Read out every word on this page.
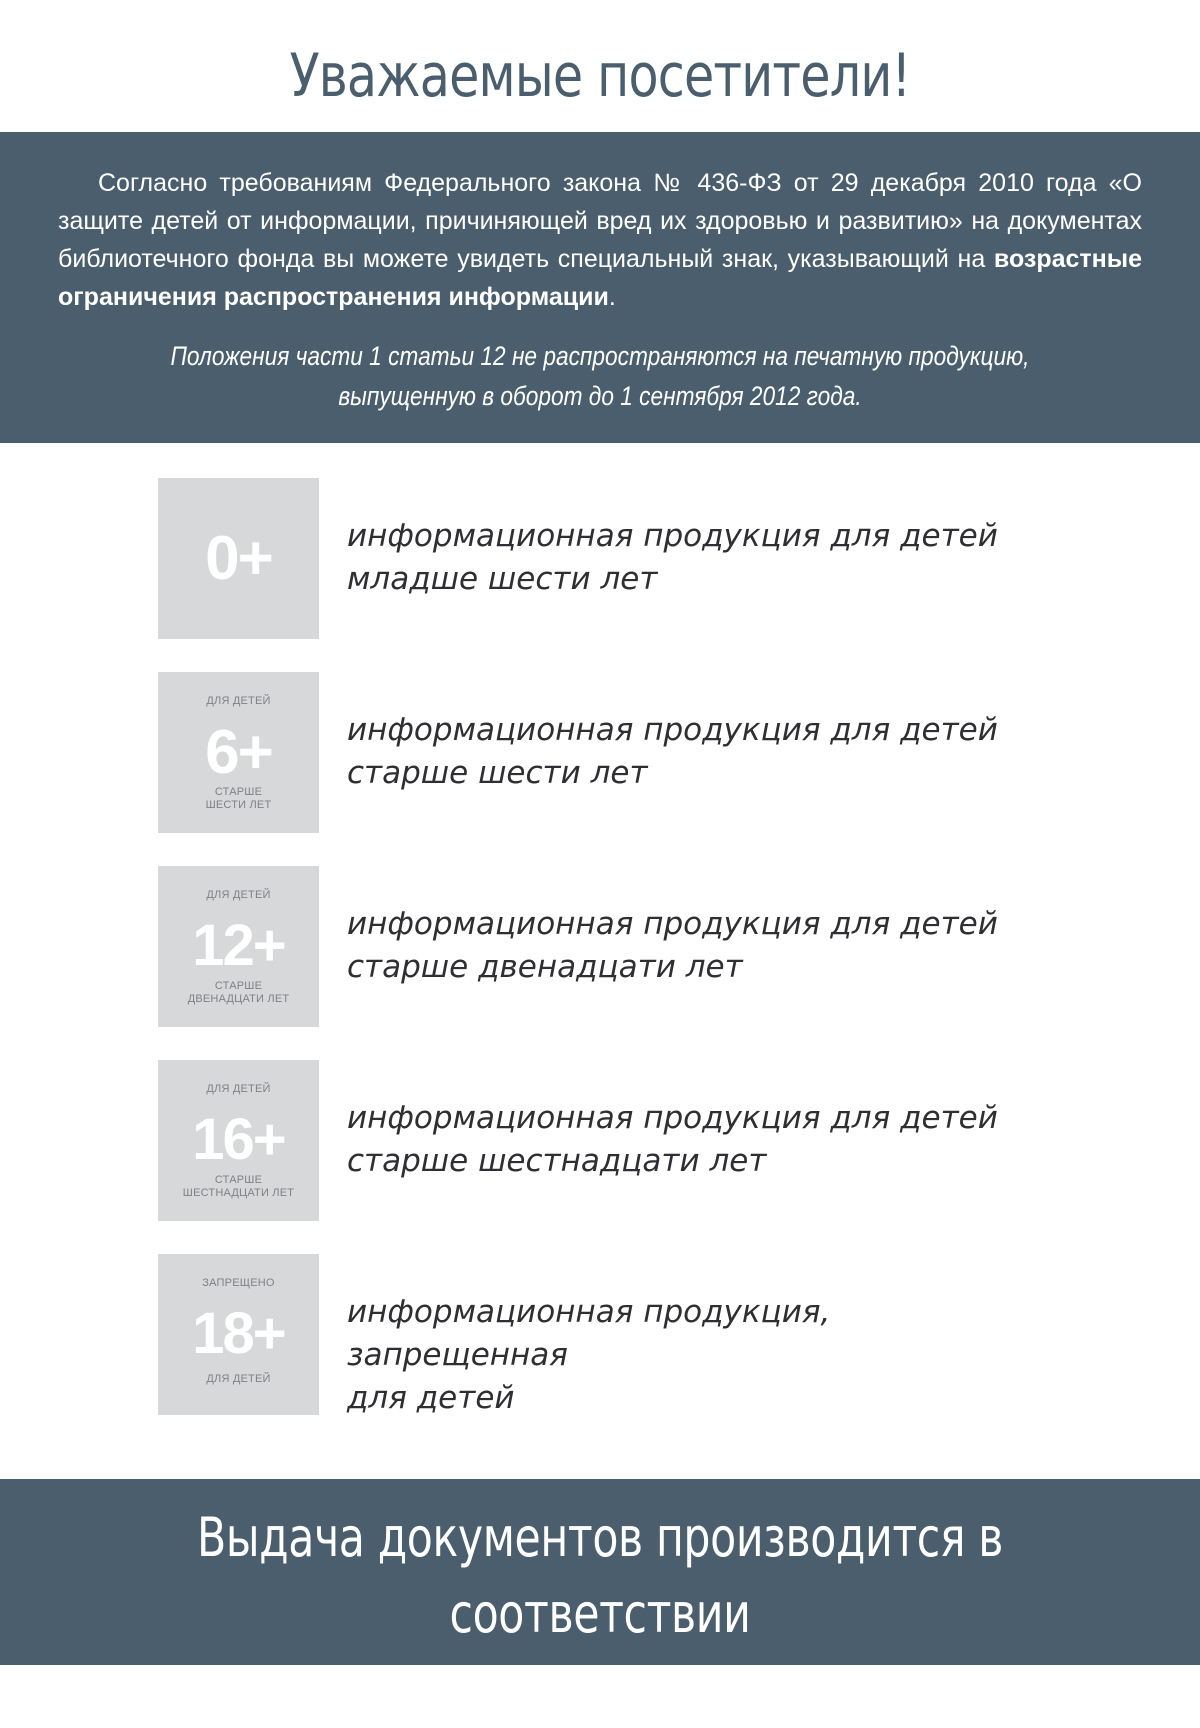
Уважаемые посетители!
Согласно требованиям Федерального закона № 436-ФЗ от 29 декабря 2010 года «О защите детей от информации, причиняющей вред их здоровью и развитию» на документах библиотечного фонда вы можете увидеть специальный знак, указывающий на возрастные ограничения распространения информации.
Положения части 1 статьи 12 не распространяются на печатную продукцию,
выпущенную в оборот до 1 сентября 2012 года.
0+	информационная продукция для детей
младше шести лет
ДЛЯ ДЕТЕЙ
6+
СТАРШЕ
ШЕСТИ ЛЕТ
информационная продукция для детей
старше шести лет
ДЛЯ ДЕТЕЙ
12+
СТАРШЕ
ДВЕНАДЦАТИ ЛЕТ
информационная продукция для детей
старше двенадцати лет
ДЛЯ ДЕТЕЙ
16+
СТАРШЕ
ШЕСТНАДЦАТИ ЛЕТ
информационная продукция для детей
старше шестнадцати лет
ЗАПРЕЩЕНО
18+
ДЛЯ ДЕТЕЙ
информационная продукция, запрещенная
для детей
Выдача документов производится в соответствии
с ограничениями знака!
